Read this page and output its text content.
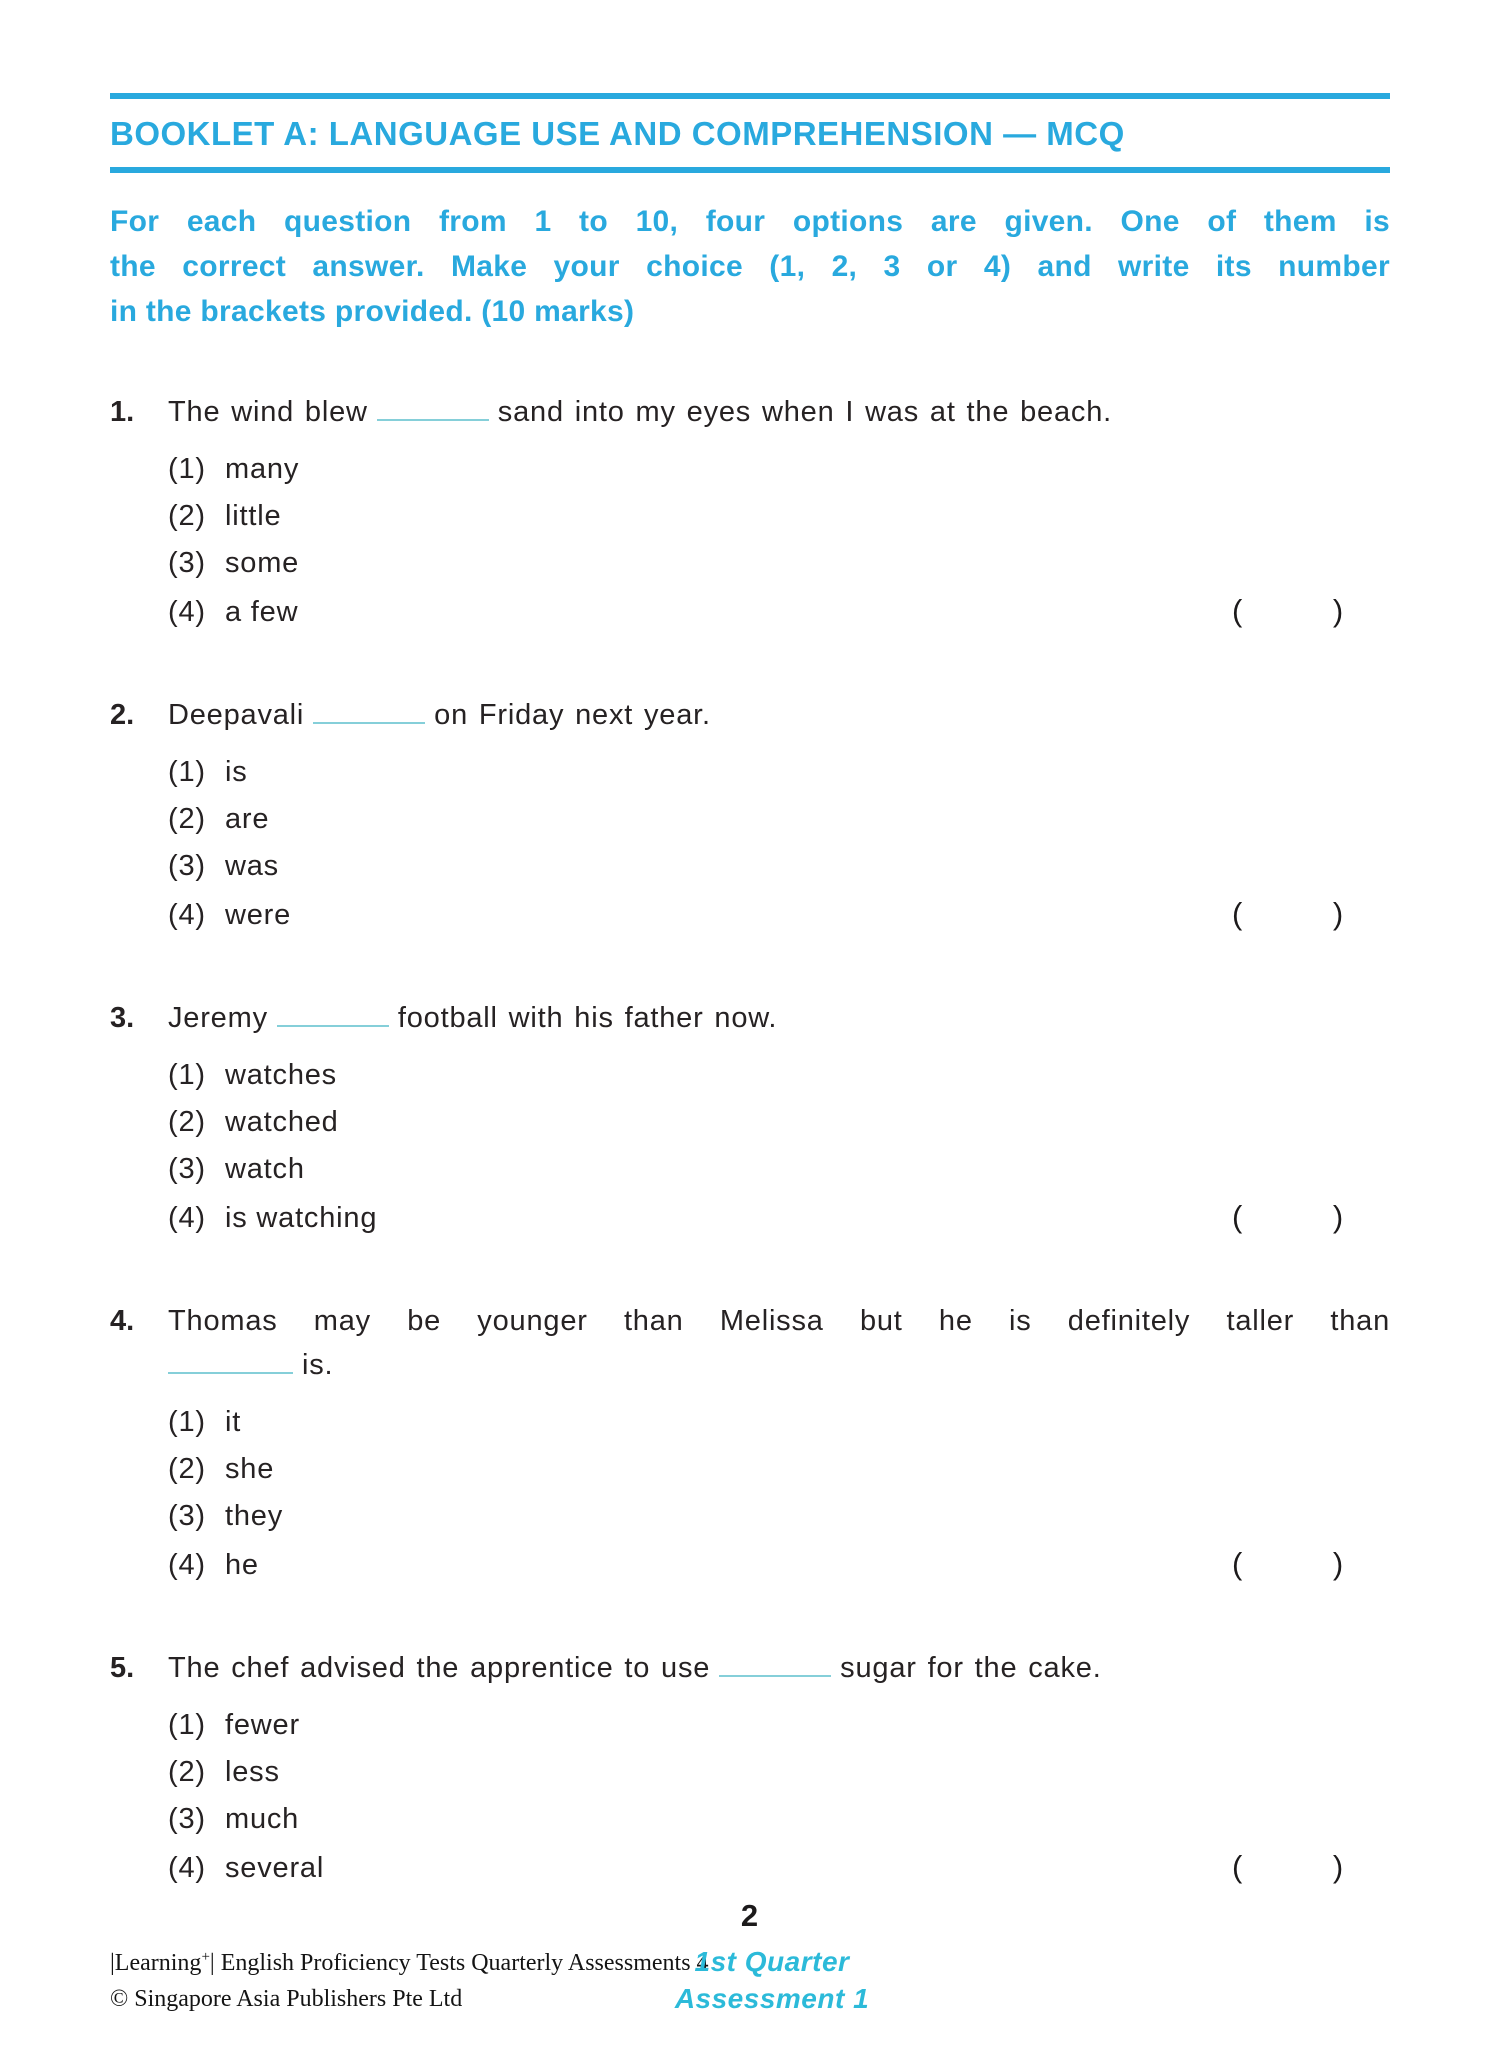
BOOKLET A: LANGUAGE USE AND COMPREHENSION — MCQ
For each question from 1 to 10, four options are given. One of them is
the correct answer. Make your choice (1, 2, 3 or 4) and write its number
in the brackets provided. (10 marks)
1.	The wind blew	sand into my eyes when I was at the beach.
(1) many
(2) little
(3) some
(4) a few	(	)
2.	Deepavali	on Friday next year.
(1) is
(2) are
(3) was
(4) were	(	)
3.	Jeremy	football with his father now.
(1) watches
(2) watched
(3) watch
(4) is watching	(	)
4.	Thomas may be younger than Melissa but he is definitely taller than
is.
(1) it
(2) she
(3) they
(4) he	(	)
5.	The chef advised the apprentice to use	sugar for the cake.
(1) fewer
(2) less
(3) much
(4) several	(	)
2
|Learning+| English Proficiency Tests Quarterly Assessments 4
© Singapore Asia Publishers Pte Ltd
1st Quarter
Assessment 1
